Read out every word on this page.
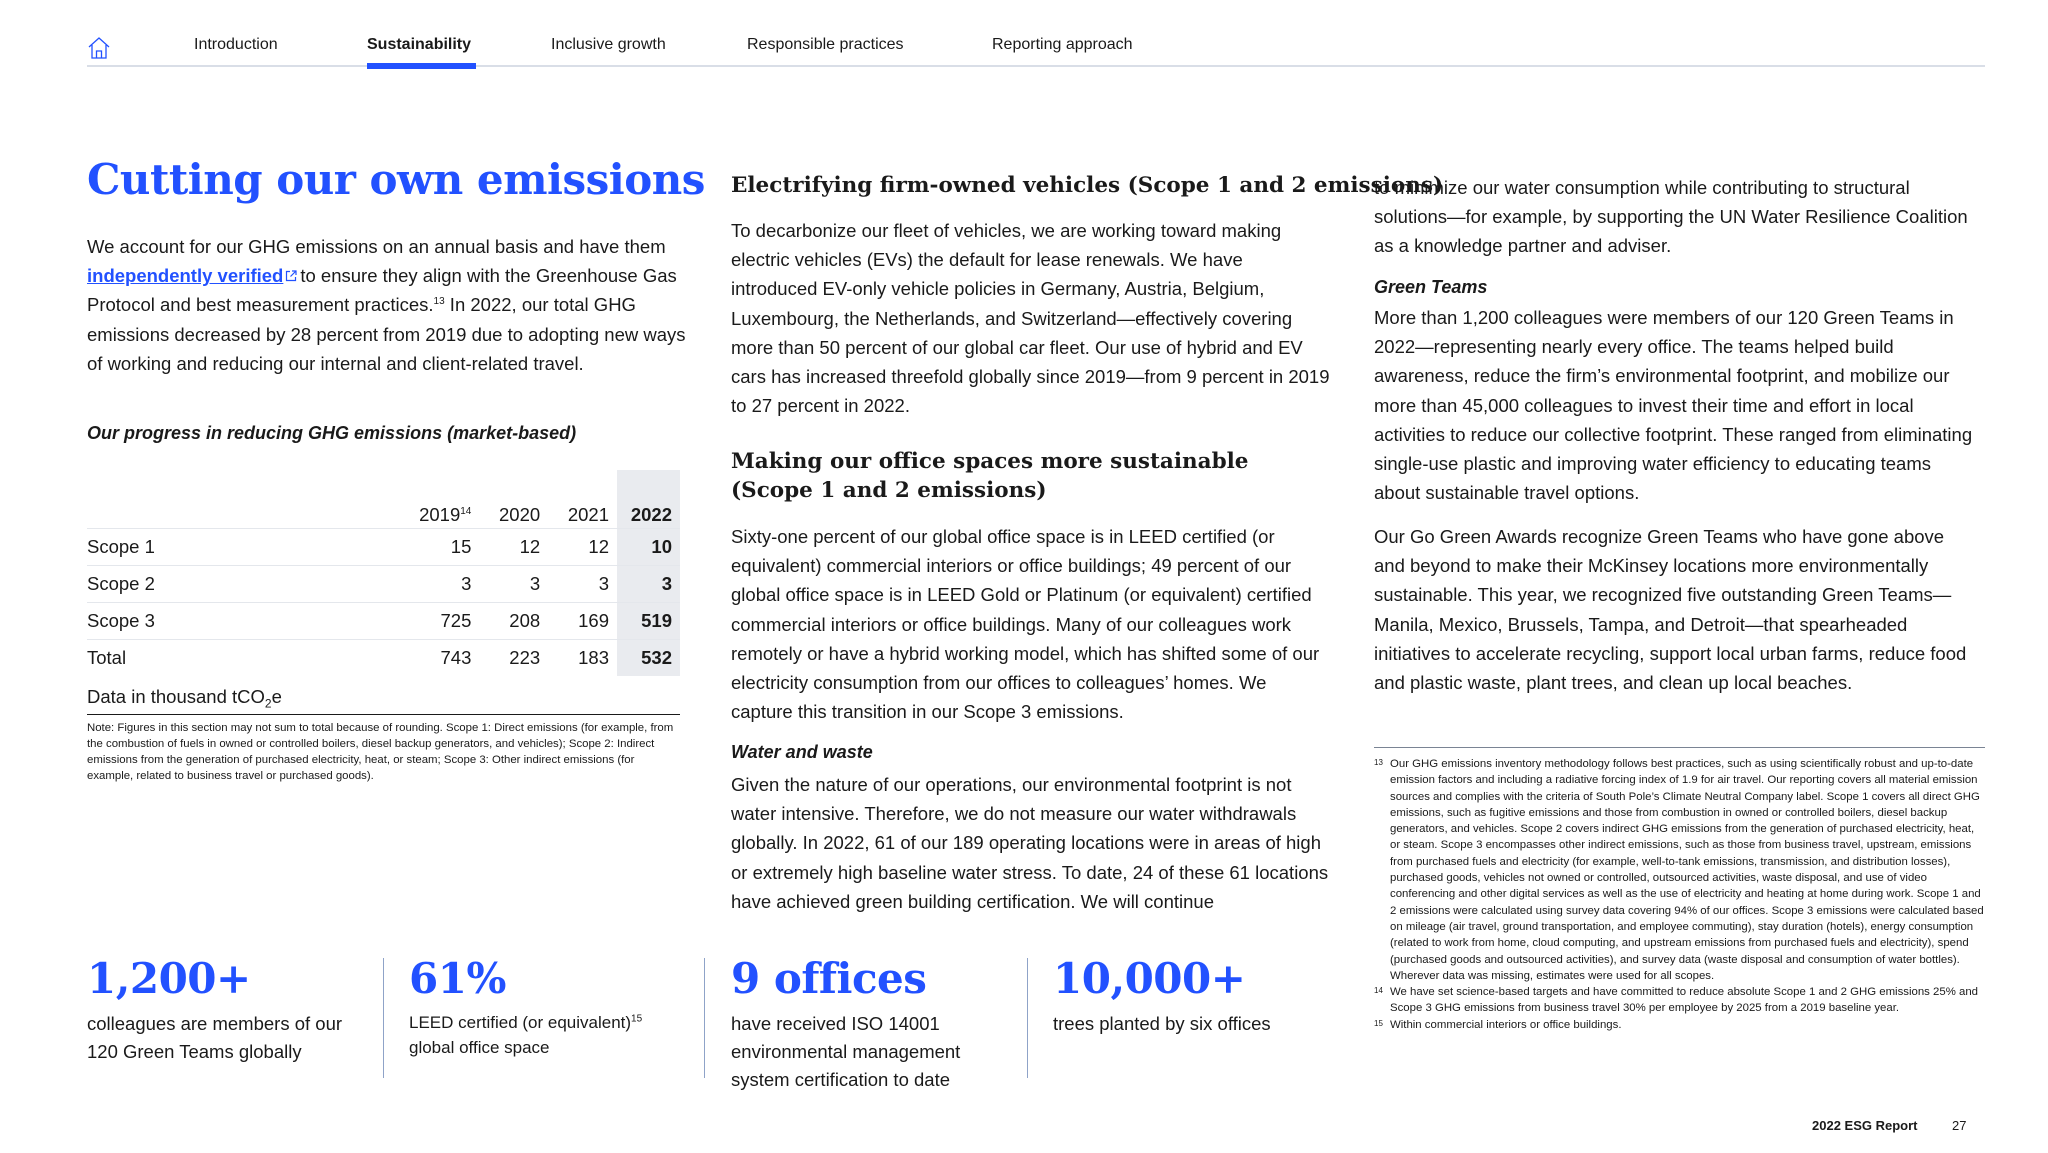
Introduction	Sustainability	Inclusive growth	Responsible practices	Reporting approach
Cutting our own emissions
We account for our GHG emissions on an annual basis and have them independently verified to ensure they align with the Greenhouse Gas Protocol and best measurement practices.$^{13}$ In 2022, our total GHG emissions decreased by 28 percent from 2019 due to adopting new ways of working and reducing our internal and client-related travel.
Our progress in reducing GHG emissions (market-based)
	2019$^{14}$	2020	2021	2022
Scope 1	15	12	12	10
Scope 2	3	3	3	3
Scope 3	725	208	169	519
Total	743	223	183	532
Data in thousand tCO$_2$e
Note: Figures in this section may not sum to total because of rounding. Scope 1: Direct emissions (for example, from the combustion of fuels in owned or controlled boilers, diesel backup generators, and vehicles); Scope 2: Indirect emissions from the generation of purchased electricity, heat, or steam; Scope 3: Other indirect emissions (for example, related to business travel or purchased goods).
Electrifying firm-owned vehicles (Scope 1 and 2 emissions)
To decarbonize our fleet of vehicles, we are working toward making electric vehicles (EVs) the default for lease renewals. We have introduced EV-only vehicle policies in Germany, Austria, Belgium, Luxembourg, the Netherlands, and Switzerland—effectively covering more than 50 percent of our global car fleet. Our use of hybrid and EV cars has increased threefold globally since 2019—from 9 percent in 2019 to 27 percent in 2022.
Making our office spaces more sustainable (Scope 1 and 2 emissions)
Sixty-one percent of our global office space is in LEED certified (or equivalent) commercial interiors or office buildings; 49 percent of our global office space is in LEED Gold or Platinum (or equivalent) certified commercial interiors or office buildings. Many of our colleagues work remotely or have a hybrid working model, which has shifted some of our electricity consumption from our offices to colleagues’ homes. We capture this transition in our Scope 3 emissions.
Water and waste
Given the nature of our operations, our environmental footprint is not water intensive. Therefore, we do not measure our water withdrawals globally. In 2022, 61 of our 189 operating locations were in areas of high or extremely high baseline water stress. To date, 24 of these 61 locations have achieved green building certification. We will continue
to minimize our water consumption while contributing to structural solutions—for example, by supporting the UN Water Resilience Coalition as a knowledge partner and adviser.
Green Teams
More than 1,200 colleagues were members of our 120 Green Teams in 2022—representing nearly every office. The teams helped build awareness, reduce the firm’s environmental footprint, and mobilize our more than 45,000 colleagues to invest their time and effort in local activities to reduce our collective footprint. These ranged from eliminating single-use plastic and improving water efficiency to educating teams about sustainable travel options.
Our Go Green Awards recognize Green Teams who have gone above and beyond to make their McKinsey locations more environmentally sustainable. This year, we recognized five outstanding Green Teams—Manila, Mexico, Brussels, Tampa, and Detroit—that spearheaded initiatives to accelerate recycling, support local urban farms, reduce food and plastic waste, plant trees, and clean up local beaches.
13 Our GHG emissions inventory methodology follows best practices, such as using scientifically robust and up-to-date emission factors and including a radiative forcing index of 1.9 for air travel. Our reporting covers all material emission sources and complies with the criteria of South Pole’s Climate Neutral Company label. Scope 1 covers all direct GHG emissions, such as fugitive emissions and those from combustion in owned or controlled boilers, diesel backup generators, and vehicles. Scope 2 covers indirect GHG emissions from the generation of purchased electricity, heat, or steam. Scope 3 encompasses other indirect emissions, such as those from business travel, upstream, emissions from purchased fuels and electricity (for example, well-to-tank emissions, transmission, and distribution losses), purchased goods, vehicles not owned or controlled, outsourced activities, waste disposal, and use of video conferencing and other digital services as well as the use of electricity and heating at home during work. Scope 1 and 2 emissions were calculated using survey data covering 94% of our offices. Scope 3 emissions were calculated based on mileage (air travel, ground transportation, and employee commuting), stay duration (hotels), energy consumption (related to work from home, cloud computing, and upstream emissions from purchased fuels and electricity), spend (purchased goods and outsourced activities), and survey data (waste disposal and consumption of water bottles). Wherever data was missing, estimates were used for all scopes.
14 We have set science-based targets and have committed to reduce absolute Scope 1 and 2 GHG emissions 25% and Scope 3 GHG emissions from business travel 30% per employee by 2025 from a 2019 baseline year.
15 Within commercial interiors or office buildings.
1,200+
colleagues are members of our 120 Green Teams globally
61%
LEED certified (or equivalent)$^{15}$
global office space
9 offices
have received ISO 14001 environmental management system certification to date
10,000+
trees planted by six offices
2022 ESG Report	27
